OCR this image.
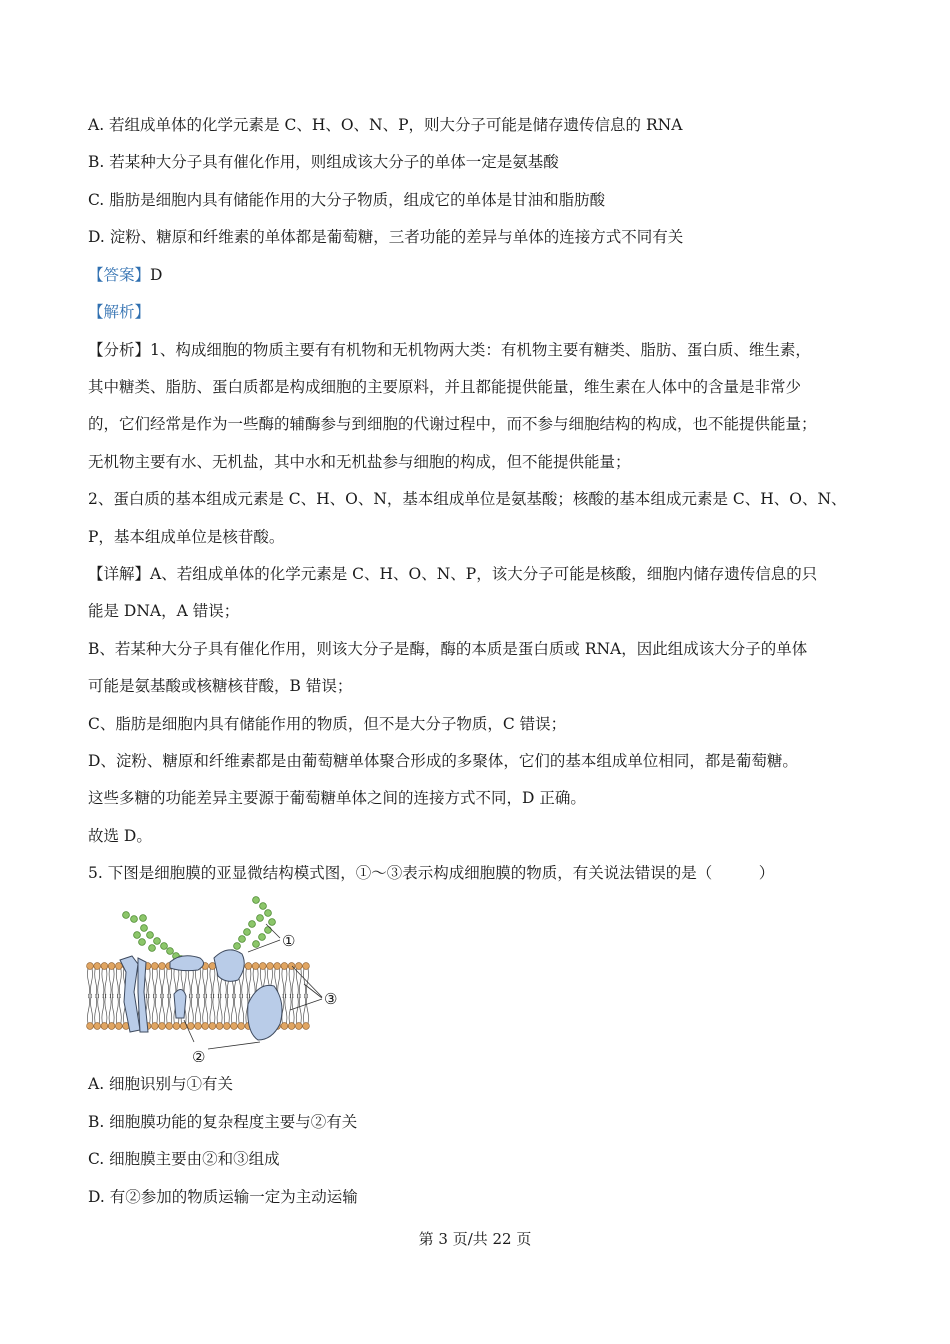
A. 若组成单体的化学元素是 C、H、O、N、P，则大分子可能是储存遗传信息的 RNA
B. 若某种大分子具有催化作用，则组成该大分子的单体一定是氨基酸
C. 脂肪是细胞内具有储能作用的大分子物质，组成它的单体是甘油和脂肪酸
D. 淀粉、糖原和纤维素的单体都是葡萄糖，三者功能的差异与单体的连接方式不同有关
【答案】D
【解析】
【分析】1、构成细胞的物质主要有有机物和无机物两大类：有机物主要有糖类、脂肪、蛋白质、维生素，
其中糖类、脂肪、蛋白质都是构成细胞的主要原料，并且都能提供能量，维生素在人体中的含量是非常少
的，它们经常是作为一些酶的辅酶参与到细胞的代谢过程中，而不参与细胞结构的构成，也不能提供能量；
无机物主要有水、无机盐，其中水和无机盐参与细胞的构成，但不能提供能量；
2、蛋白质的基本组成元素是 C、H、O、N，基本组成单位是氨基酸；核酸的基本组成元素是 C、H、O、N、
P，基本组成单位是核苷酸。
【详解】A、若组成单体的化学元素是 C、H、O、N、P，该大分子可能是核酸，细胞内储存遗传信息的只
能是 DNA，A 错误；
B、若某种大分子具有催化作用，则该大分子是酶，酶的本质是蛋白质或 RNA，因此组成该大分子的单体
可能是氨基酸或核糖核苷酸，B 错误；
C、脂肪是细胞内具有储能作用的物质，但不是大分子物质，C 错误；
D、淀粉、糖原和纤维素都是由葡萄糖单体聚合形成的多聚体，它们的基本组成单位相同，都是葡萄糖。
这些多糖的功能差异主要源于葡萄糖单体之间的连接方式不同，D 正确。
故选 D。
5. 下图是细胞膜的亚显微结构模式图，①～③表示构成细胞膜的物质，有关说法错误的是（　　　）
①
②
③
A. 细胞识别与①有关
B. 细胞膜功能的复杂程度主要与②有关
C. 细胞膜主要由②和③组成
D. 有②参加的物质运输一定为主动运输
第 3 页/共 22 页
